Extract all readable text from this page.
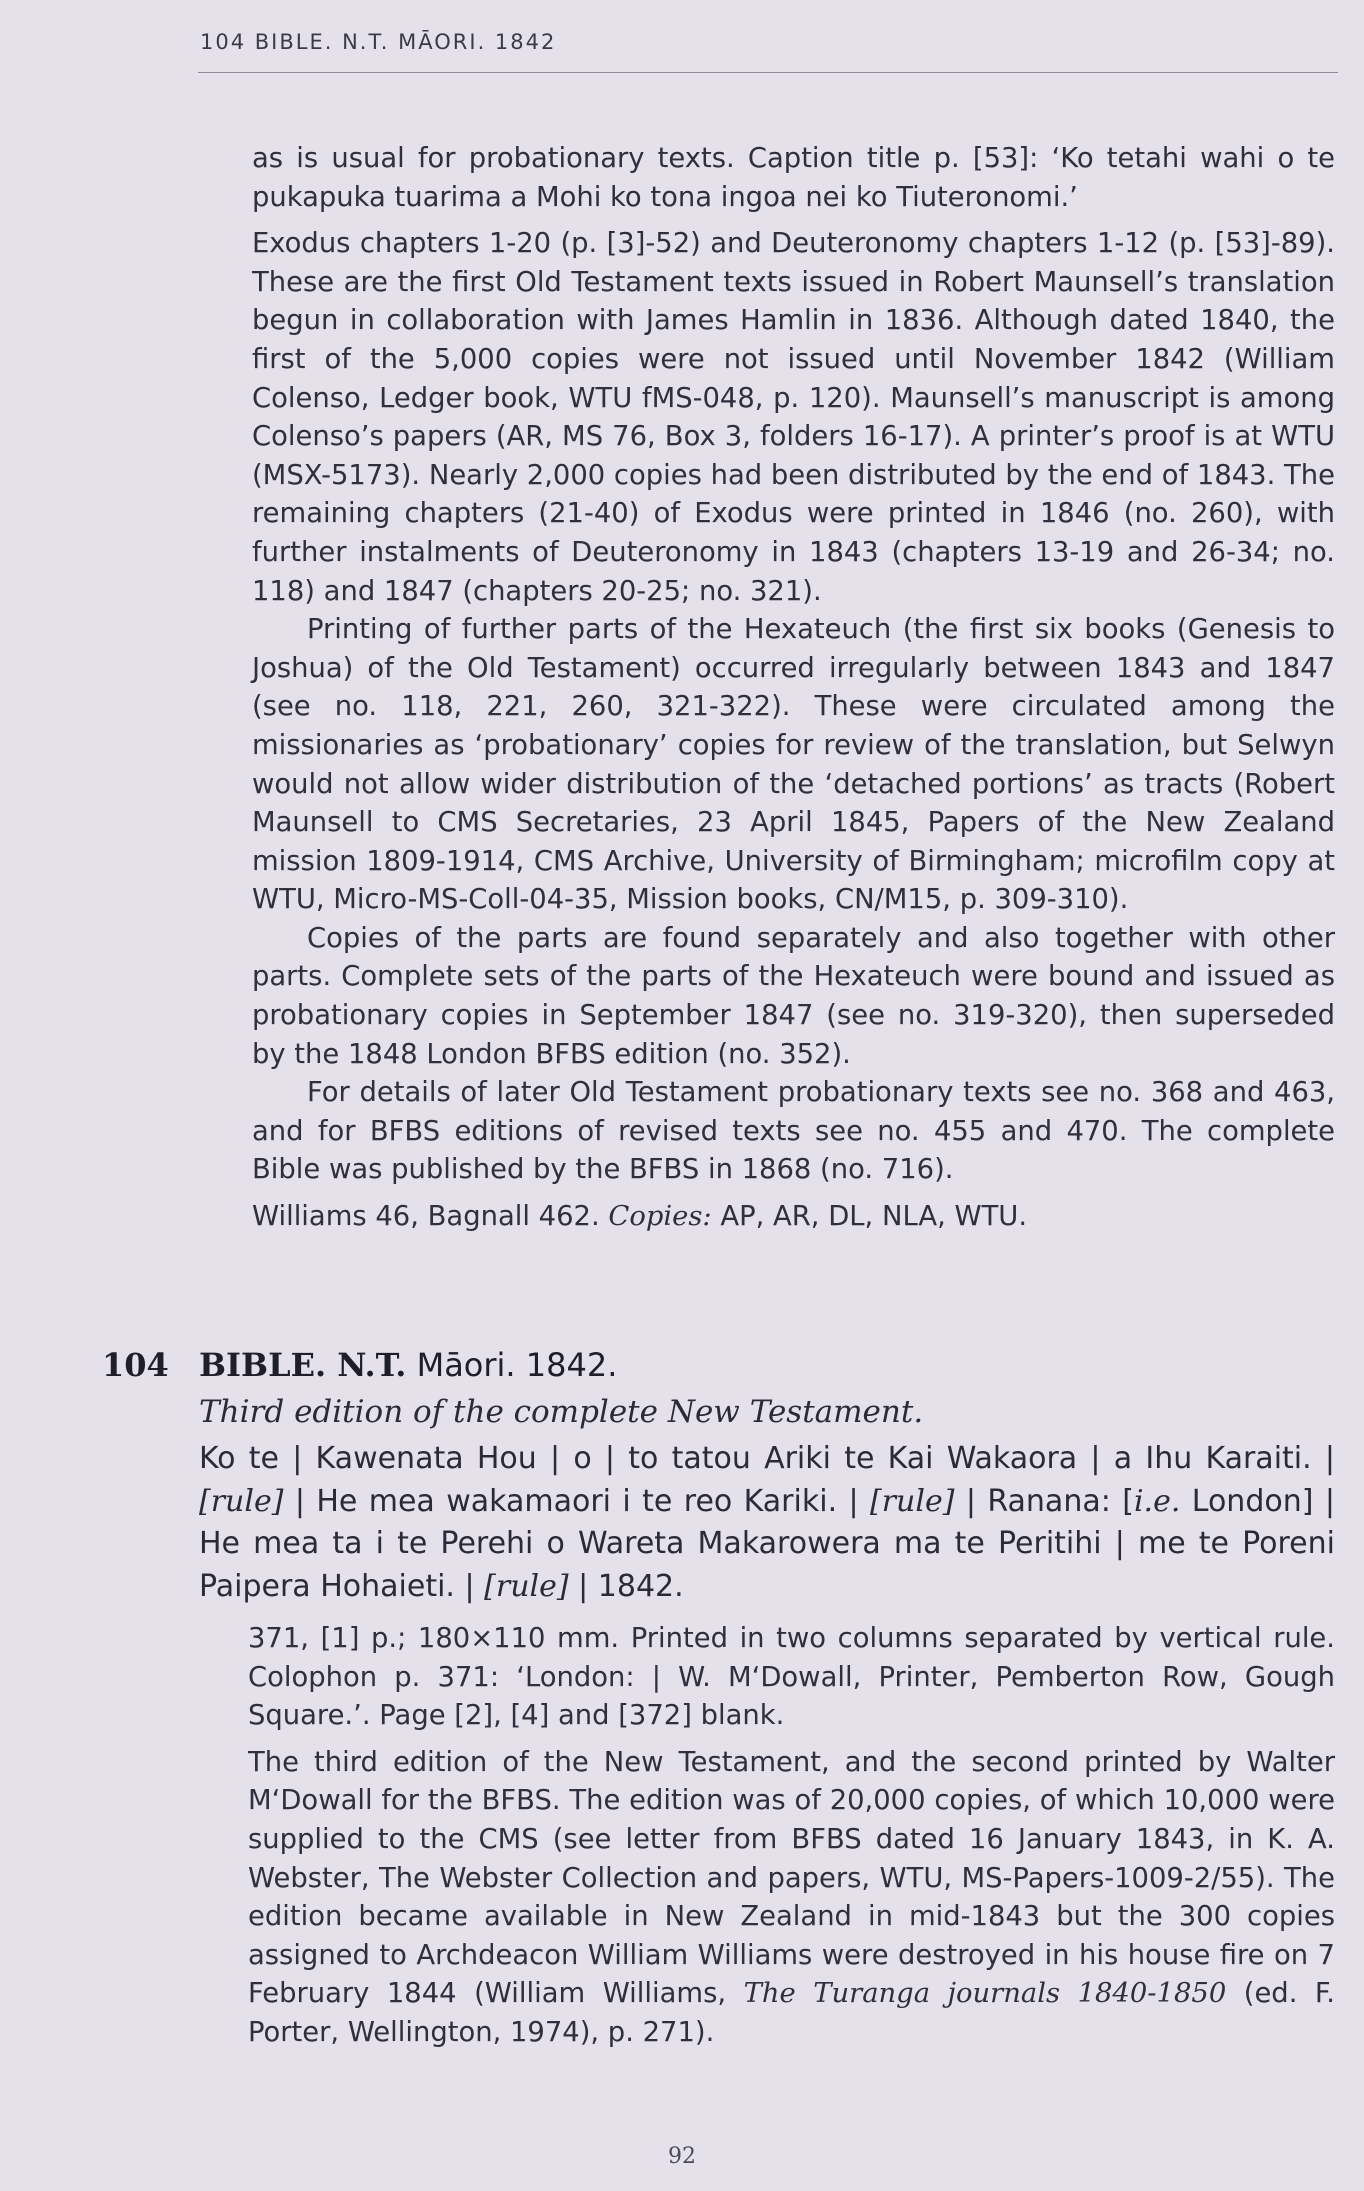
104 BIBLE. N.T. MĀORI. 1842

as is usual for probationary texts. Caption title p. [53]: ‘Ko tetahi wahi o te pukapuka tuarima a Mohi ko tona ingoa nei ko Tiuteronomi.’

Exodus chapters 1-20 (p. [3]-52) and Deuteronomy chapters 1-12 (p. [53]-89). These are the first Old Testament texts issued in Robert Maunsell’s translation begun in collaboration with James Hamlin in 1836. Although dated 1840, the first of the 5,000 copies were not issued until November 1842 (William Colenso, Ledger book, WTU fMS-048, p. 120). Maunsell’s manuscript is among Colenso’s papers (AR, MS 76, Box 3, folders 16-17). A printer’s proof is at WTU (MSX-5173). Nearly 2,000 copies had been distributed by the end of 1843. The remaining chapters (21-40) of Exodus were printed in 1846 (no. 260), with further instalments of Deuteronomy in 1843 (chapters 13-19 and 26-34; no. 118) and 1847 (chapters 20-25; no. 321).

Printing of further parts of the Hexateuch (the first six books (Genesis to Joshua) of the Old Testament) occurred irregularly between 1843 and 1847 (see no. 118, 221, 260, 321-322). These were circulated among the missionaries as ‘probationary’ copies for review of the translation, but Selwyn would not allow wider distribution of the ‘detached portions’ as tracts (Robert Maunsell to CMS Secretaries, 23 April 1845, Papers of the New Zealand mission 1809-1914, CMS Archive, University of Birmingham; microfilm copy at WTU, Micro-MS-Coll-04-35, Mission books, CN/M15, p. 309-310).

Copies of the parts are found separately and also together with other parts. Complete sets of the parts of the Hexateuch were bound and issued as probationary copies in September 1847 (see no. 319-320), then superseded by the 1848 London BFBS edition (no. 352).

For details of later Old Testament probationary texts see no. 368 and 463, and for BFBS editions of revised texts see no. 455 and 470. The complete Bible was published by the BFBS in 1868 (no. 716).

Williams 46, Bagnall 462. Copies: AP, AR, DL, NLA, WTU.

104 BIBLE. N.T. Māori. 1842.
Third edition of the complete New Testament.
Ko te | Kawenata Hou | o | to tatou Ariki te Kai Wakaora | a Ihu Karaiti. | [rule] | He mea wakamaori i te reo Kariki. | [rule] | Ranana: [i.e. London] | He mea ta i te Perehi o Wareta Makarowera ma te Peritihi | me te Poreni Paipera Hohaieti. | [rule] | 1842.

371, [1] p.; 180×110 mm. Printed in two columns separated by vertical rule. Colophon p. 371: ‘London: | W. M‘Dowall, Printer, Pemberton Row, Gough Square.’. Page [2], [4] and [372] blank.

The third edition of the New Testament, and the second printed by Walter M‘Dowall for the BFBS. The edition was of 20,000 copies, of which 10,000 were supplied to the CMS (see letter from BFBS dated 16 January 1843, in K. A. Webster, The Webster Collection and papers, WTU, MS-Papers-1009-2/55). The edition became available in New Zealand in mid-1843 but the 300 copies assigned to Archdeacon William Williams were destroyed in his house fire on 7 February 1844 (William Williams, The Turanga journals 1840-1850 (ed. F. Porter, Wellington, 1974), p. 271).

92
